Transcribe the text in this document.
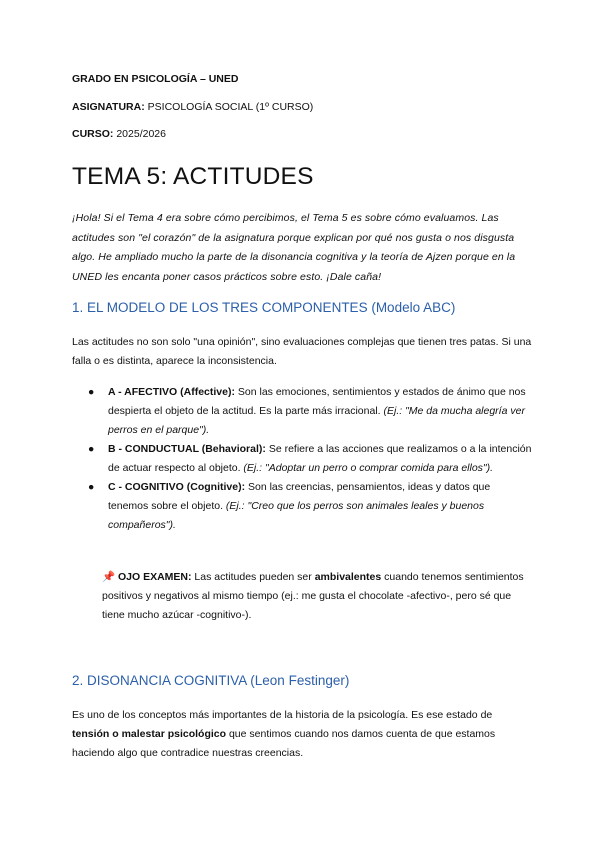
GRADO EN PSICOLOGÍA – UNED
ASIGNATURA: PSICOLOGÍA SOCIAL (1º CURSO)
CURSO: 2025/2026
TEMA 5: ACTITUDES
¡Hola! Si el Tema 4 era sobre cómo percibimos, el Tema 5 es sobre cómo evaluamos. Las actitudes son "el corazón" de la asignatura porque explican por qué nos gusta o nos disgusta algo. He ampliado mucho la parte de la disonancia cognitiva y la teoría de Ajzen porque en la UNED les encanta poner casos prácticos sobre esto. ¡Dale caña!
1. EL MODELO DE LOS TRES COMPONENTES (Modelo ABC)
Las actitudes no son solo "una opinión", sino evaluaciones complejas que tienen tres patas. Si una falla o es distinta, aparece la inconsistencia.
● A - AFECTIVO (Affective): Son las emociones, sentimientos y estados de ánimo que nos despierta el objeto de la actitud. Es la parte más irracional. (Ej.: "Me da mucha alegría ver perros en el parque").
● B - CONDUCTUAL (Behavioral): Se refiere a las acciones que realizamos o a la intención de actuar respecto al objeto. (Ej.: "Adoptar un perro o comprar comida para ellos").
● C - COGNITIVO (Cognitive): Son las creencias, pensamientos, ideas y datos que tenemos sobre el objeto. (Ej.: "Creo que los perros son animales leales y buenos compañeros").
📌 OJO EXAMEN: Las actitudes pueden ser ambivalentes cuando tenemos sentimientos positivos y negativos al mismo tiempo (ej.: me gusta el chocolate -afectivo-, pero sé que tiene mucho azúcar -cognitivo-).
2. DISONANCIA COGNITIVA (Leon Festinger)
Es uno de los conceptos más importantes de la historia de la psicología. Es ese estado de tensión o malestar psicológico que sentimos cuando nos damos cuenta de que estamos haciendo algo que contradice nuestras creencias.
